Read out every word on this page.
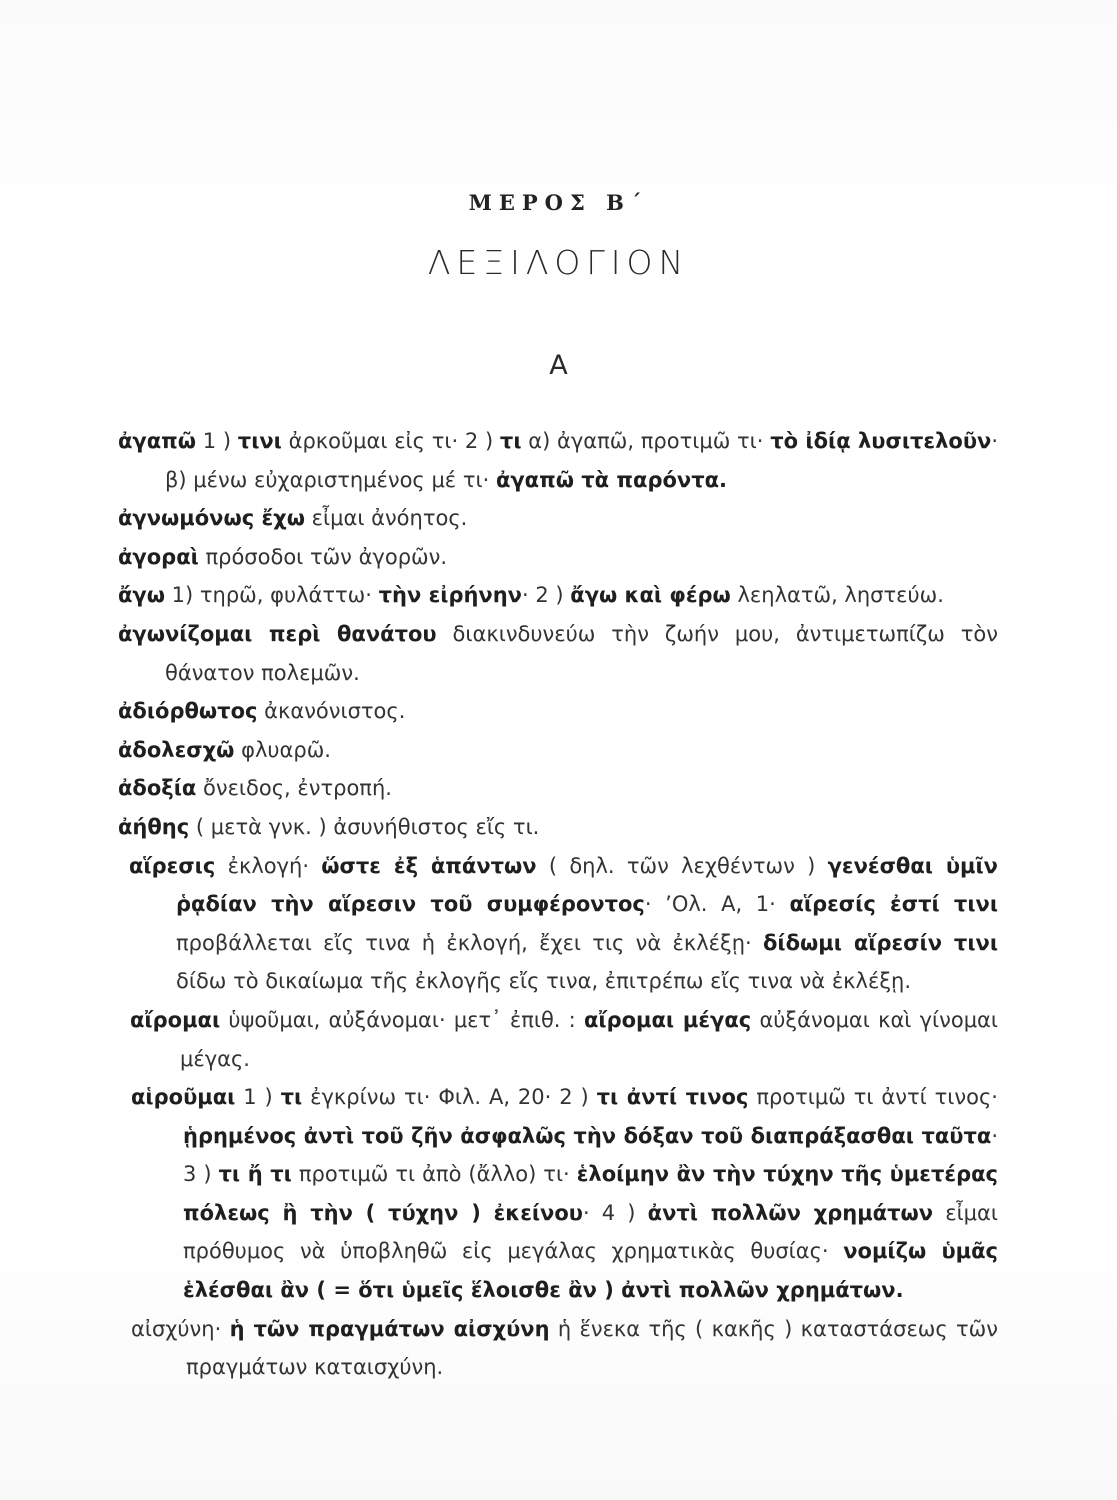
ΜΕΡΟΣ Β΄
ΛΕΞΙΛΟΓΙΟΝ
Α

ἀγαπῶ 1 ) τινι ἀρκοῦμαι εἰς τι· 2 ) τι α) ἀγαπῶ, προτιμῶ τι· τὸ ἰδίᾳ λυσιτελοῦν· β) μένω εὐχαριστημένος μέ τι· ἀγαπῶ τὰ παρόντα.

ἀγνωμόνως ἔχω εἶμαι ἀνόητος.

ἀγοραὶ πρόσοδοι τῶν ἀγορῶν.

ἄγω 1) τηρῶ, φυλάττω· τὴν εἰρήνην· 2 ) ἄγω καὶ φέρω λεηλατῶ, ληστεύω.

ἀγωνίζομαι περὶ θανάτου διακινδυνεύω τὴν ζωήν μου, ἀντιμετωπίζω τὸν θάνατον πολεμῶν.

ἀδιόρθωτος ἀκανόνιστος.

ἀδολεσχῶ φλυαρῶ.

ἀδοξία ὄνειδος, ἐντροπή.

ἀήθης ( μετὰ γνκ. ) ἀσυνήθιστος εἴς τι.

αἵρεσις ἐκλογή· ὥστε ἐξ ἁπάντων ( δηλ. τῶν λεχθέντων ) γενέσθαι ὑμῖν ῥᾳδίαν τὴν αἵρεσιν τοῦ συμφέροντος· ’Ολ. Α, 1· αἵρεσίς ἐστί τινι προβάλλεται εἴς τινα ἡ ἐκλογή, ἔχει τις νὰ ἐκλέξῃ· δίδωμι αἵρεσίν τινι δίδω τὸ δικαίωμα τῆς ἐκλογῆς εἴς τινα, ἐπιτρέπω εἴς τινα νὰ ἐκλέξῃ.

αἴρομαι ὑψοῦμαι, αὐξάνομαι· μετ᾽ ἐπιθ. : αἴρομαι μέγας αὐξάνομαι καὶ γίνομαι μέγας.

αἱροῦμαι 1 ) τι ἐγκρίνω τι· Φιλ. Α, 20· 2 ) τι ἀντί τινος προτιμῶ τι ἀντί τινος· ᾑρημένος ἀντὶ τοῦ ζῆν ἀσφαλῶς τὴν δόξαν τοῦ διαπράξασθαι ταῦτα· 3 ) τι ἤ τι προτιμῶ τι ἀπὸ (ἄλλο) τι· ἑλοίμην ἂν τὴν τύχην τῆς ὑμετέρας πόλεως ἢ τὴν ( τύχην ) ἐκείνου· 4 ) ἀντὶ πολλῶν χρημάτων εἶμαι πρόθυμος νὰ ὑποβληθῶ εἰς μεγάλας χρηματικὰς θυσίας· νομίζω ὑμᾶς ἑλέσθαι ἂν ( = ὅτι ὑμεῖς ἕλοισθε ἂν ) ἀντὶ πολλῶν χρημάτων.

αἰσχύνη· ἡ τῶν πραγμάτων αἰσχύνη ἡ ἕνεκα τῆς ( κακῆς ) καταστάσεως τῶν πραγμάτων καταισχύνη.
